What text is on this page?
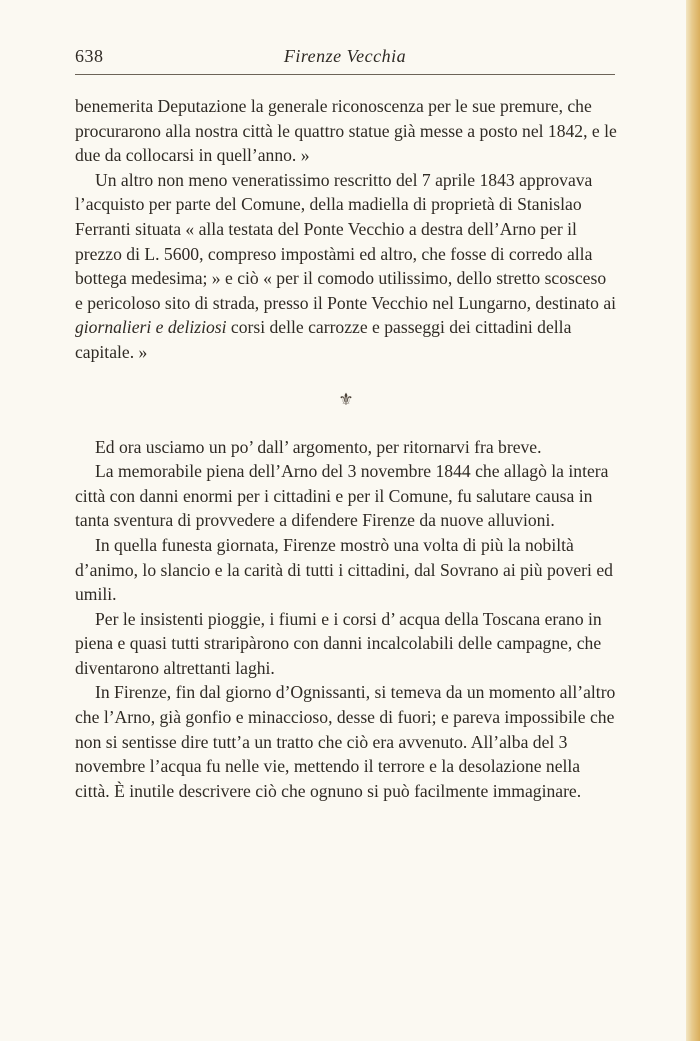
638	Firenze Vecchia

benemerita Deputazione la generale riconoscenza per le sue premure, che procurarono alla nostra città le quattro statue già messe a posto nel 1842, e le due da collocarsi in quell’anno. »

Un altro non meno veneratissimo rescritto del 7 aprile 1843 approvava l’acquisto per parte del Comune, della madiella di proprietà di Stanislao Ferranti situata « alla testata del Ponte Vecchio a destra dell’Arno per il prezzo di L. 5600, compreso impostàmi ed altro, che fosse di corredo alla bottega medesima; » e ciò « per il comodo utilissimo, dello stretto scosceso e pericoloso sito di strada, presso il Ponte Vecchio nel Lungarno, destinato ai giornalieri e deliziosi corsi delle carrozze e passeggi dei cittadini della capitale. »

⚜

Ed ora usciamo un po’ dall’ argomento, per ritornarvi fra breve.

La memorabile piena dell’Arno del 3 novembre 1844 che allagò la intera città con danni enormi per i cittadini e per il Comune, fu salutare causa in tanta sventura di provvedere a difendere Firenze da nuove alluvioni.

In quella funesta giornata, Firenze mostrò una volta di più la nobiltà d’animo, lo slancio e la carità di tutti i cittadini, dal Sovrano ai più poveri ed umili.

Per le insistenti pioggie, i fiumi e i corsi d’ acqua della Toscana erano in piena e quasi tutti straripàrono con danni incalcolabili delle campagne, che diventarono altrettanti laghi.

In Firenze, fin dal giorno d’Ognissanti, si temeva da un momento all’altro che l’Arno, già gonfio e minaccioso, desse di fuori; e pareva impossibile che non si sentisse dire tutt’a un tratto che ciò era avvenuto. All’alba del 3 novembre l’acqua fu nelle vie, mettendo il terrore e la desolazione nella città. È inutile descrivere ciò che ognuno si può facilmente immaginare.
